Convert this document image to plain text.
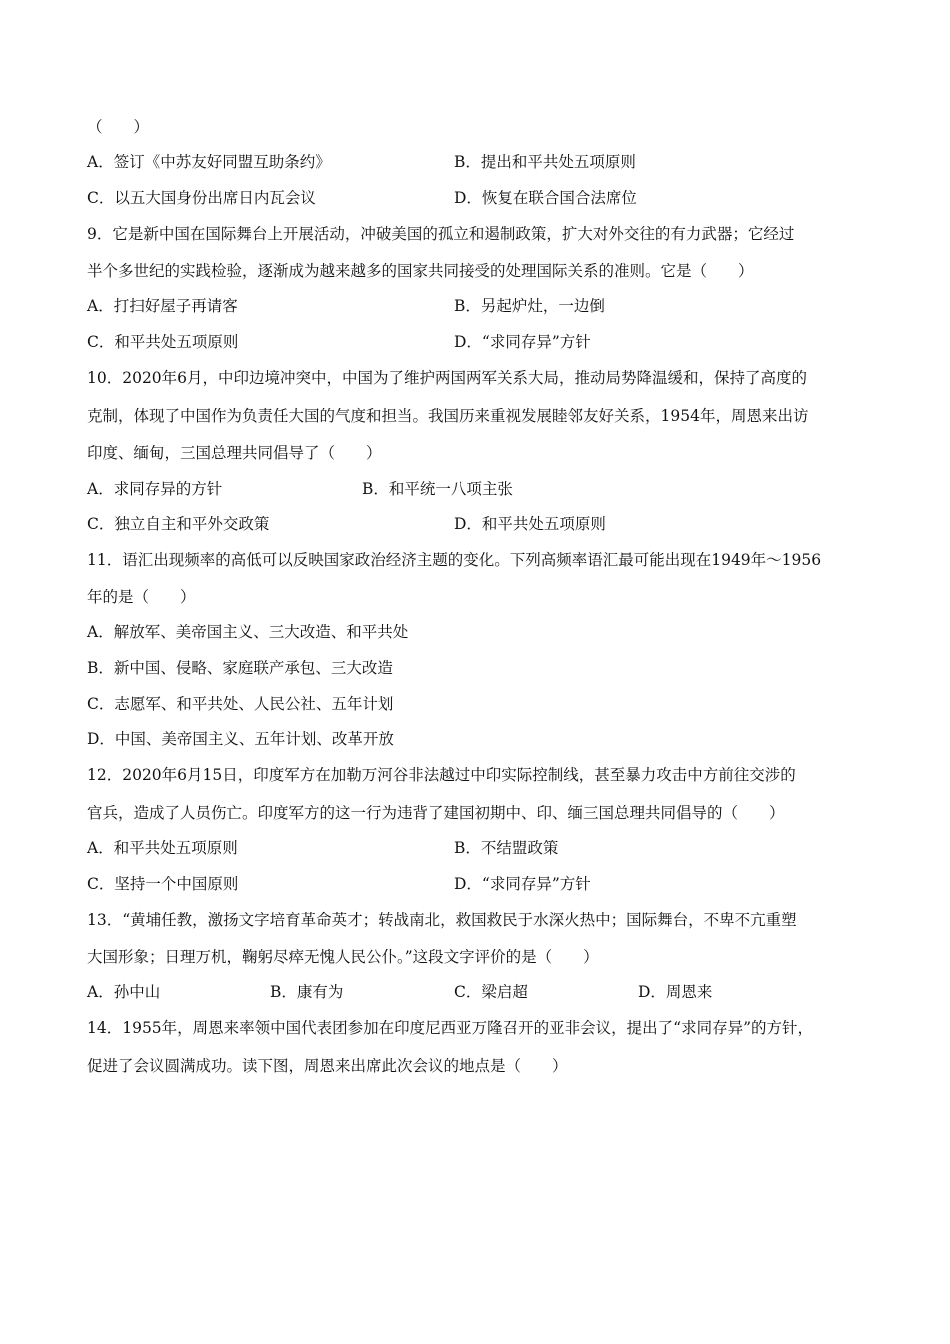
（　　）
A．签订《中苏友好同盟互助条约》	B．提出和平共处五项原则
C．以五大国身份出席日内瓦会议	D．恢复在联合国合法席位
9．它是新中国在国际舞台上开展活动，冲破美国的孤立和遏制政策，扩大对外交往的有力武器；它经过
半个多世纪的实践检验，逐渐成为越来越多的国家共同接受的处理国际关系的准则。它是（　　）
A．打扫好屋子再请客	B．另起炉灶，一边倒
C．和平共处五项原则	D．“求同存异”方针
10．2020年6月，中印边境冲突中，中国为了维护两国两军关系大局，推动局势降温缓和，保持了高度的
克制，体现了中国作为负责任大国的气度和担当。我国历来重视发展睦邻友好关系，1954年，周恩来出访
印度、缅甸，三国总理共同倡导了（　　）
A．求同存异的方针	B．和平统一八项主张
C．独立自主和平外交政策	D．和平共处五项原则
11．语汇出现频率的高低可以反映国家政治经济主题的变化。下列高频率语汇最可能出现在1949年～1956
年的是（　　）
A．解放军、美帝国主义、三大改造、和平共处
B．新中国、侵略、家庭联产承包、三大改造
C．志愿军、和平共处、人民公社、五年计划
D．中国、美帝国主义、五年计划、改革开放
12．2020年6月15日，印度军方在加勒万河谷非法越过中印实际控制线，甚至暴力攻击中方前往交涉的
官兵，造成了人员伤亡。印度军方的这一行为违背了建国初期中、印、缅三国总理共同倡导的（　　）
A．和平共处五项原则	B．不结盟政策
C．坚持一个中国原则	D．“求同存异”方针
13．“黄埔任教，激扬文字培育革命英才；转战南北，救国救民于水深火热中；国际舞台，不卑不亢重塑
大国形象；日理万机，鞠躬尽瘁无愧人民公仆。”这段文字评价的是（　　）
A．孙中山	B．康有为	C．梁启超	D．周恩来
14．1955年，周恩来率领中国代表团参加在印度尼西亚万隆召开的亚非会议，提出了“求同存异”的方针，
促进了会议圆满成功。读下图，周恩来出席此次会议的地点是（　　）
